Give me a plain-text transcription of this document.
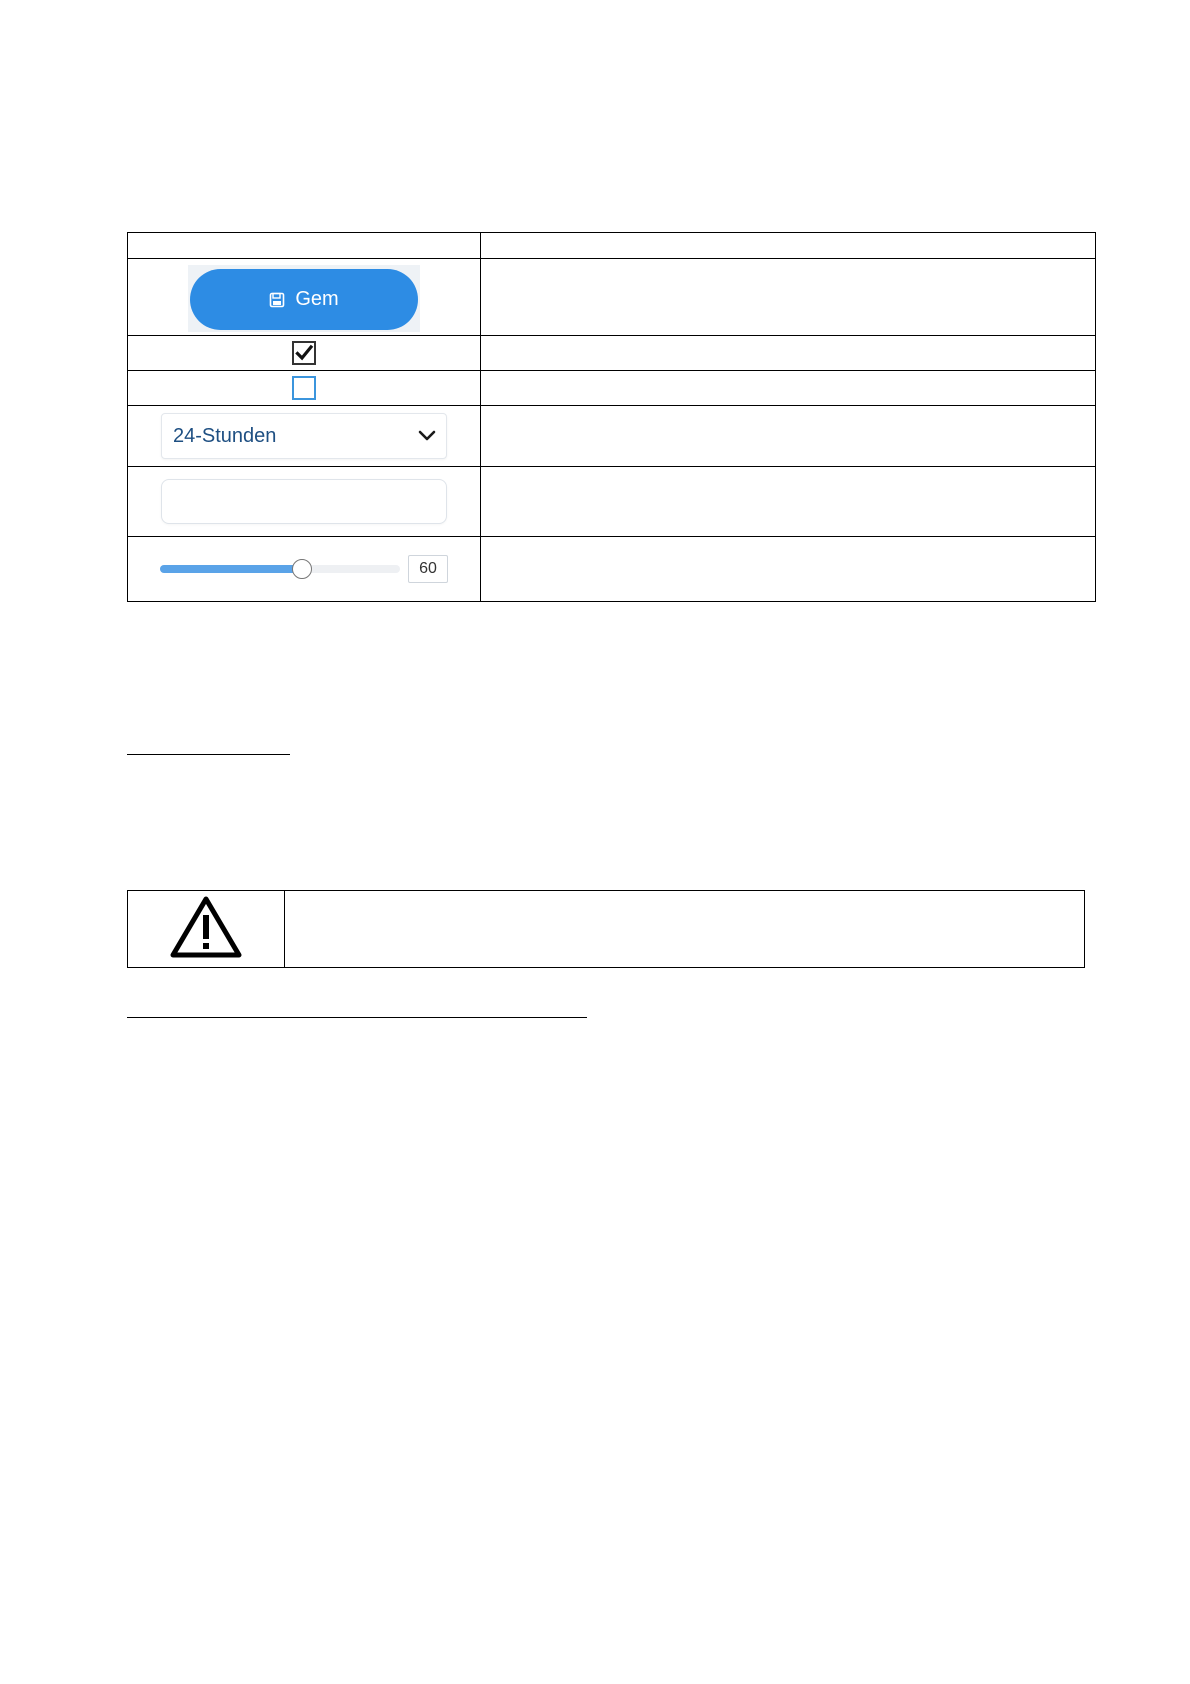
Gem	

24-Stunden	

60	
